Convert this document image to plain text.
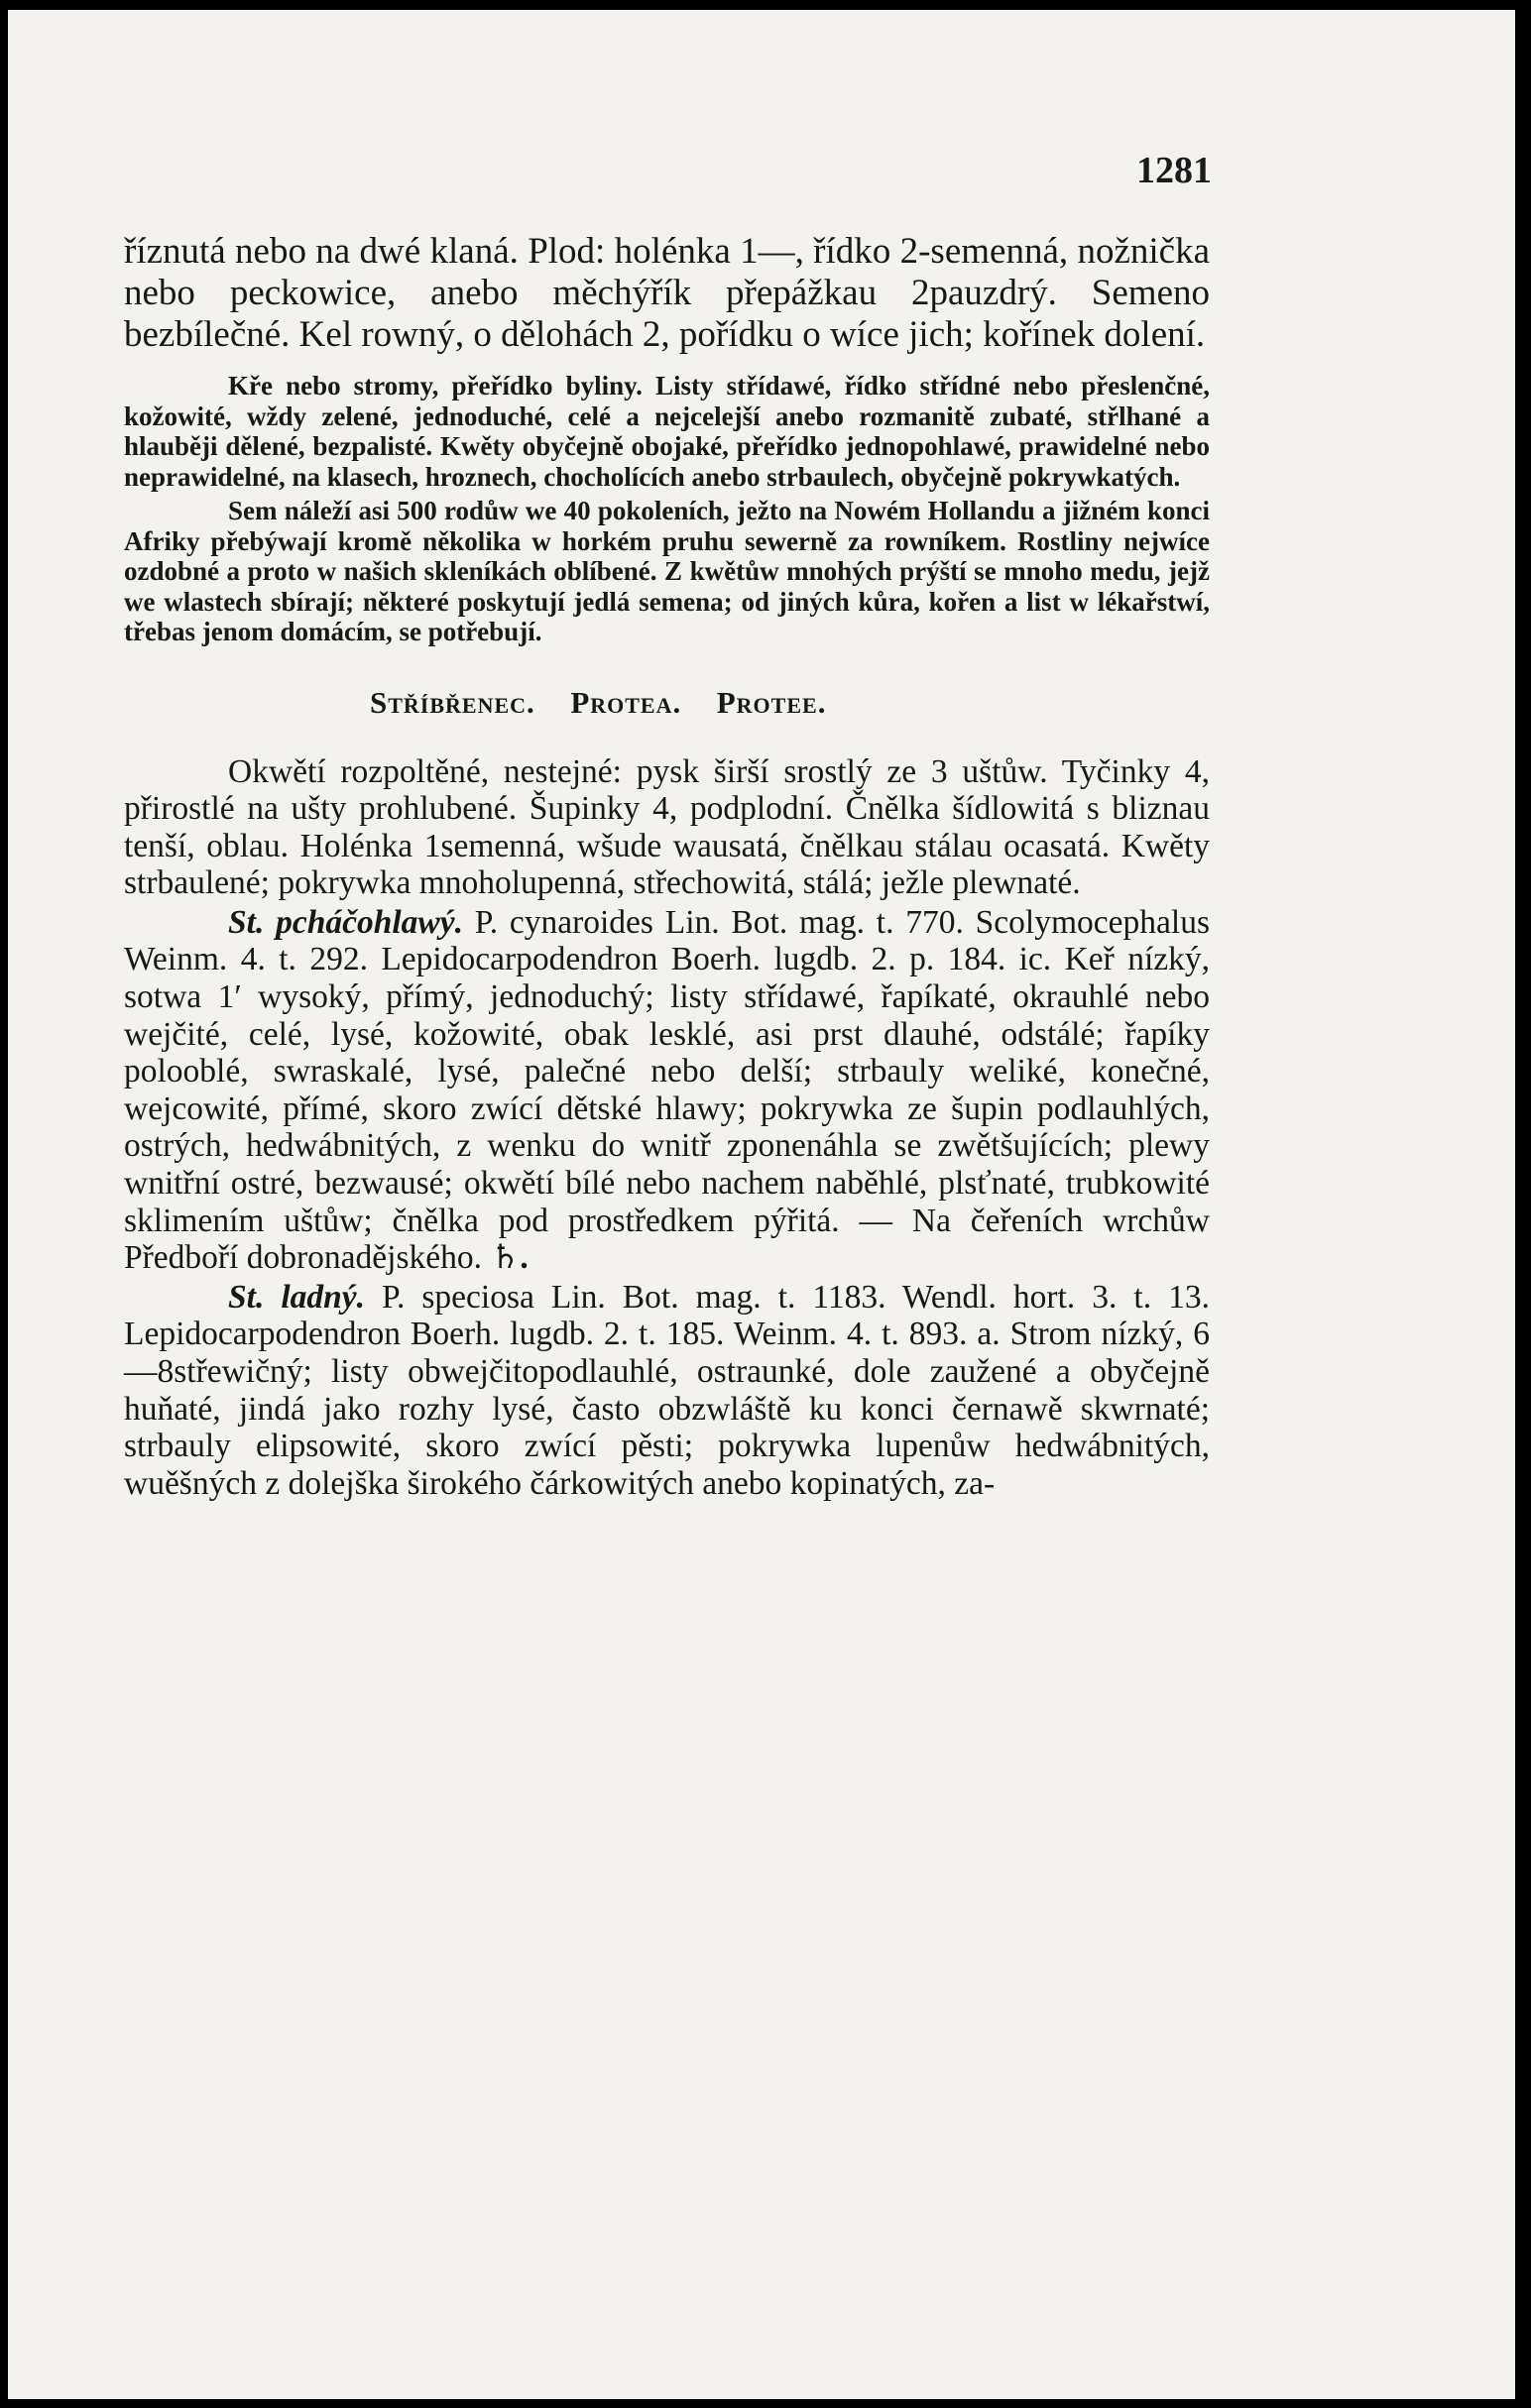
1281

říznutá nebo na dwé klaná. Plod: holénka 1—, řídko 2-semenná, nožnička nebo peckowice, anebo měchýřík přepážkau 2pauzdrý. Semeno bezbílečné. Kel rowný, o dělohách 2, pořídku o wíce jich; kořínek dolení.

Kře nebo stromy, přeřídko byliny. Listy střídawé, řídko střídné nebo přeslenčné, kožowité, wždy zelené, jednoduché, celé a nejcelejší anebo rozmanitě zubaté, střlhané a hlauběji dělené, bezpalisté. Kwěty obyčejně obojaké, přeřídko jednopohlawé, prawidelné nebo neprawidelné, na klasech, hroznech, chocholících anebo strbaulech, obyčejně pokrywkatých.

Sem náleží asi 500 rodůw we 40 pokoleních, ježto na Nowém Hollandu a jižném konci Afriky přebýwají kromě několika w horkém pruhu sewerně za rowníkem. Rostliny nejwíce ozdobné a proto w našich skleníkách oblíbené. Z kwětůw mnohých prýští se mnoho medu, jejž we wlastech sbírají; některé poskytují jedlá semena; od jiných kůra, kořen a list w lékařstwí, třebas jenom domácím, se potřebují.

Stříbřenec. Protea. Protee.

Okwětí rozpoltěné, nestejné: pysk širší srostlý ze 3 uštůw. Tyčinky 4, přirostlé na ušty prohlubené. Šupinky 4, podplodní. Čnělka šídlowitá s bliznau tenší, oblau. Holénka 1semenná, wšude wausatá, čnělkau stálau ocasatá. Kwěty strbaulené; pokrywka mnoholupenná, střechowitá, stálá; ježle plewnaté.

St. pcháčohlawý. P. cynaroides Lin. Bot. mag. t. 770. Scolymocephalus Weinm. 4. t. 292. Lepidocarpodendron Boerh. lugdb. 2. p. 184. ic. Keř nízký, sotwa 1′ wysoký, přímý, jednoduchý; listy střídawé, řapíkaté, okrauhlé nebo wejčité, celé, lysé, kožowité, obak lesklé, asi prst dlauhé, odstálé; řapíky polooblé, swraskalé, lysé, palečné nebo delší; strbauly weliké, konečné, wejcowité, přímé, skoro zwící dětské hlawy; pokrywka ze šupin podlauhlých, ostrých, hedwábnitých, z wenku do wnitř zponenáhla se zwětšujících; plewy wnitřní ostré, bezwausé; okwětí bílé nebo nachem naběhlé, plsťnaté, trubkowité sklimením uštůw; čnělka pod prostředkem pýřitá. — Na čeřeních wrchůw Předboří dobronadějského. ♄.

St. ladný. P. speciosa Lin. Bot. mag. t. 1183. Wendl. hort. 3. t. 13. Lepidocarpodendron Boerh. lugdb. 2. t. 185. Weinm. 4. t. 893. a. Strom nízký, 6—8střewičný; listy obwejčitopodlauhlé, ostraunké, dole zaužené a obyčejně huňaté, jindá jako rozhy lysé, často obzwláště ku konci černawě skwrnaté; strbauly elipsowité, skoro zwící pěsti; pokrywka lupenůw hedwábnitých, wuěšných z dolejška širokého čárkowitých anebo kopinatých, za-
